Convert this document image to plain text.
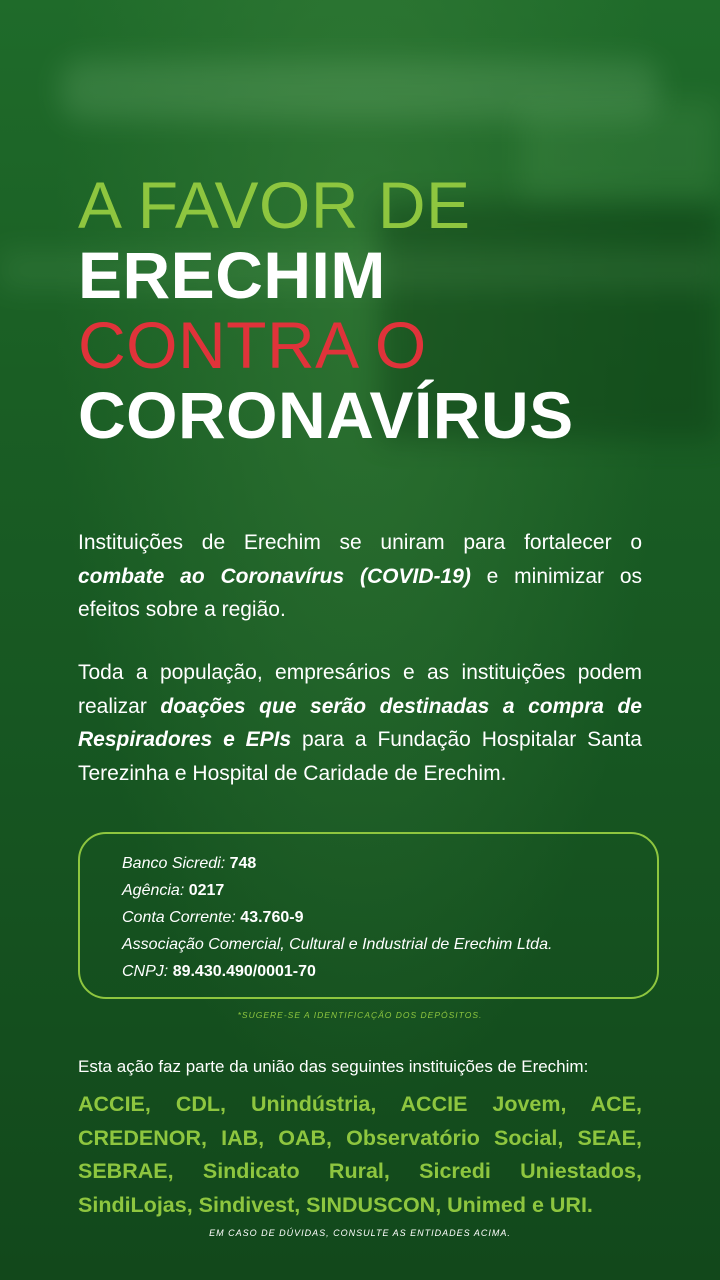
A FAVOR DE
ERECHIM
CONTRA O
CORONAVÍRUS

Instituições de Erechim se uniram para fortalecer o combate ao Coronavírus (COVID-19) e minimizar os efeitos sobre a região.

Toda a população, empresários e as instituições podem realizar doações que serão destinadas a compra de Respiradores e EPIs para a Fundação Hospitalar Santa Terezinha e Hospital de Caridade de Erechim.

Banco Sicredi: 748
Agência: 0217
Conta Corrente: 43.760-9
Associação Comercial, Cultural e Industrial de Erechim Ltda.
CNPJ: 89.430.490/0001-70
*SUGERE-SE A IDENTIFICAÇÃO DOS DEPÓSITOS.

Esta ação faz parte da união das seguintes instituições de Erechim:

ACCIE, CDL, Unindústria, ACCIE Jovem, ACE, CREDENOR, IAB, OAB, Observatório Social, SEAE, SEBRAE, Sindicato Rural, Sicredi Uniestados, SindiLojas, Sindivest, SINDUSCON, Unimed e URI.

EM CASO DE DÚVIDAS, CONSULTE AS ENTIDADES ACIMA.
